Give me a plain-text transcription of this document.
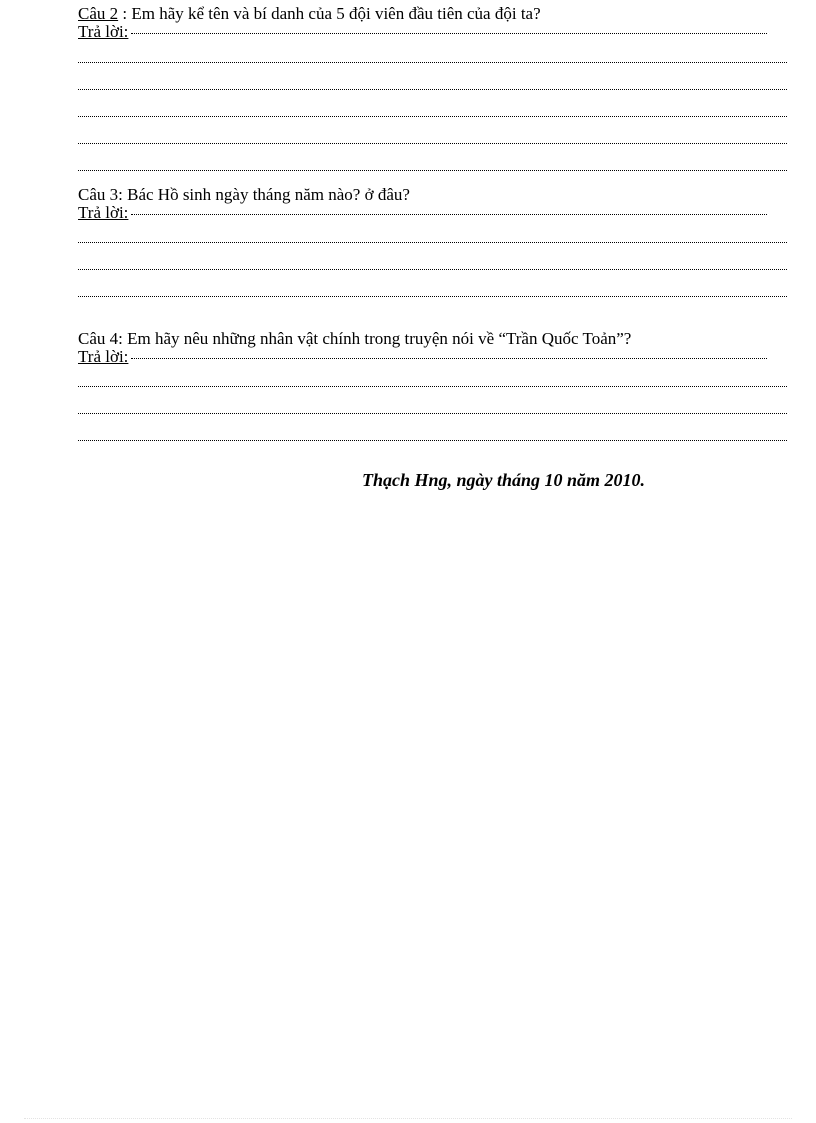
Câu 2 : Em hãy kể tên và bí danh của 5 đội viên đầu tiên của đội ta?
Trả lời:
Câu 3: Bác Hồ sinh ngày tháng năm nào? ở đâu?
Trả lời:
Câu 4: Em hãy nêu những nhân vật chính trong truyện nói về “Trần Quốc Toản”?
Trả lời:
Thạch Hng, ngày tháng 10 năm 2010.
